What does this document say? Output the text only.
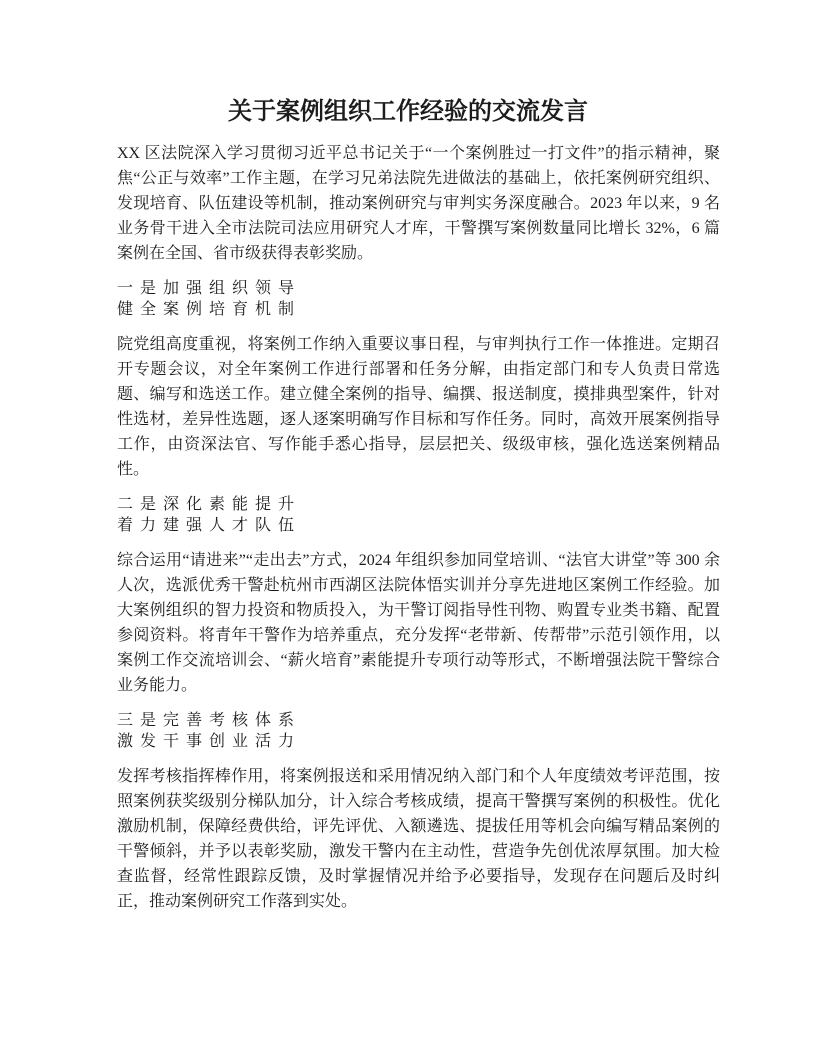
关于案例组织工作经验的交流发言

XX 区法院深入学习贯彻习近平总书记关于“一个案例胜过一打文件”的指示精神，聚焦“公正与效率”工作主题，在学习兄弟法院先进做法的基础上，依托案例研究组织、发现培育、队伍建设等机制，推动案例研究与审判实务深度融合。2023 年以来，9 名业务骨干进入全市法院司法应用研究人才库，干警撰写案例数量同比增长 32%，6 篇案例在全国、省市级获得表彰奖励。

一是加强组织领导
健全案例培育机制

院党组高度重视，将案例工作纳入重要议事日程，与审判执行工作一体推进。定期召开专题会议，对全年案例工作进行部署和任务分解，由指定部门和专人负责日常选题、编写和选送工作。建立健全案例的指导、编撰、报送制度，摸排典型案件，针对性选材，差异性选题，逐人逐案明确写作目标和写作任务。同时，高效开展案例指导工作，由资深法官、写作能手悉心指导，层层把关、级级审核，强化选送案例精品性。

二是深化素能提升
着力建强人才队伍

综合运用“请进来”“走出去”方式，2024 年组织参加同堂培训、“法官大讲堂”等 300 余人次，选派优秀干警赴杭州市西湖区法院体悟实训并分享先进地区案例工作经验。加大案例组织的智力投资和物质投入，为干警订阅指导性刊物、购置专业类书籍、配置参阅资料。将青年干警作为培养重点，充分发挥“老带新、传帮带”示范引领作用，以案例工作交流培训会、“薪火培育”素能提升专项行动等形式，不断增强法院干警综合业务能力。

三是完善考核体系
激发干事创业活力

发挥考核指挥棒作用，将案例报送和采用情况纳入部门和个人年度绩效考评范围，按照案例获奖级别分梯队加分，计入综合考核成绩，提高干警撰写案例的积极性。优化激励机制，保障经费供给，评先评优、入额遴选、提拔任用等机会向编写精品案例的干警倾斜，并予以表彰奖励，激发干警内在主动性，营造争先创优浓厚氛围。加大检查监督，经常性跟踪反馈，及时掌握情况并给予必要指导，发现存在问题后及时纠正，推动案例研究工作落到实处。
